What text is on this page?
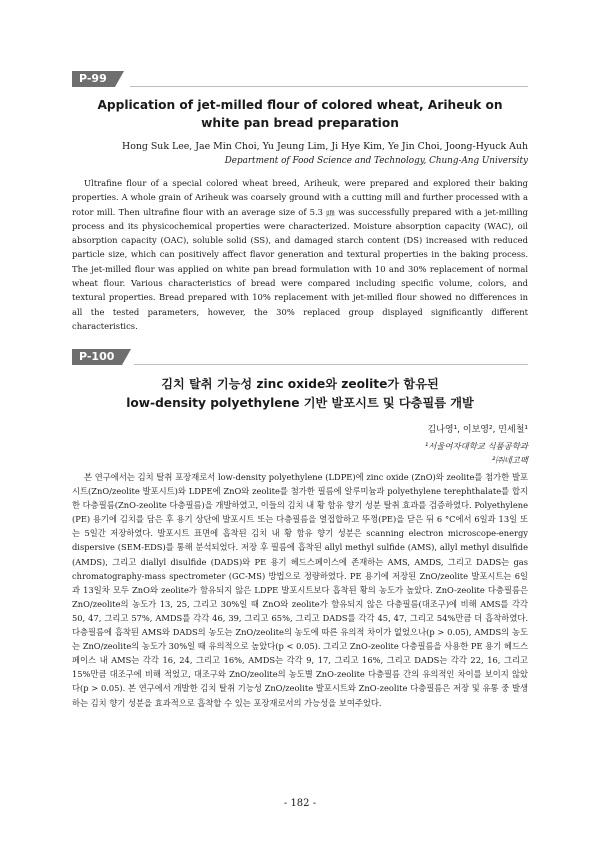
P-99
Application of jet-milled flour of colored wheat, Ariheuk on
white pan bread preparation
Hong Suk Lee, Jae Min Choi, Yu Jeung Lim, Ji Hye Kim, Ye Jin Choi, Joong-Hyuck Auh
Department of Food Science and Technology, Chung-Ang University

Ultrafine flour of a special colored wheat breed, Ariheuk, were prepared and explored their baking properties. A whole grain of Ariheuk was coarsely ground with a cutting mill and further processed with a rotor mill. Then ultrafine flour with an average size of 5.3 ㎛ was successfully prepared with a jet-milling process and its physicochemical properties were characterized. Moisture absorption capacity (WAC), oil absorption capacity (OAC), soluble solid (SS), and damaged starch content (DS) increased with reduced particle size, which can positively affect flavor generation and textural properties in the baking process. The jet-milled flour was applied on white pan bread formulation with 10 and 30% replacement of normal wheat flour. Various characteristics of bread were compared including specific volume, colors, and textural properties. Bread prepared with 10% replacement with jet-milled flour showed no differences in all the tested parameters, however, the 30% replaced group displayed significantly different characteristics.

P-100
김치 탈취 기능성 zinc oxide와 zeolite가 함유된
low-density polyethylene 기반 발포시트 및 다층필름 개발
김나영¹, 이보영², 민세철¹
¹서울여자대학교 식품공학과
²㈜네고팩

본 연구에서는 김치 탈취 포장재로서 low-density polyethylene (LDPE)에 zinc oxide (ZnO)와 zeolite를 첨가한 발포시트(ZnO/zeolite 발포시트)와 LDPE에 ZnO와 zeolite를 첨가한 필름에 알루미늄과 polyethylene terephthalate를 합지한 다층필름(ZnO-zeolite 다층필름)을 개발하였고, 이들의 김치 내 황 함유 향기 성분 탈취 효과를 검증하였다. Polyethylene (PE) 용기에 김치를 담은 후 용기 상단에 발포시트 또는 다층필름을 열접합하고 뚜껑(PE)을 닫은 뒤 6 °C에서 6일과 13일 또는 5일간 저장하였다. 발포시트 표면에 흡착된 김치 내 황 함유 향기 성분은 scanning electron microscope-energy dispersive (SEM-EDS)를 통해 분석되었다. 저장 후 필름에 흡착된 allyl methyl sulfide (AMS), allyl methyl disulfide (AMDS), 그리고 diallyl disulfide (DADS)와 PE 용기 헤드스페이스에 존재하는 AMS, AMDS, 그리고 DADS는 gas chromatography-mass spectrometer (GC-MS) 방법으로 정량하였다. PE 용기에 저장된 ZnO/zeolite 발포시트는 6일과 13일차 모두 ZnO와 zeolite가 함유되지 않은 LDPE 발포시트보다 흡착된 황의 농도가 높았다. ZnO-zeolite 다층필름은 ZnO/zeolite의 농도가 13, 25, 그리고 30%일 때 ZnO와 zeolite가 함유되지 않은 다층필름(대조구)에 비해 AMS를 각각 50, 47, 그리고 57%, AMDS를 각각 46, 39, 그리고 65%, 그리고 DADS를 각각 45, 47, 그리고 54%만큼 더 흡착하였다. 다층필름에 흡착된 AMS와 DADS의 농도는 ZnO/zeolite의 농도에 따른 유의적 차이가 없었으나(p > 0.05), AMDS의 농도는 ZnO/zeolite의 농도가 30%일 때 유의적으로 높았다(p < 0.05). 그리고 ZnO-zeolite 다층필름을 사용한 PE 용기 헤드스페이스 내 AMS는 각각 16, 24, 그리고 16%, AMDS는 각각 9, 17, 그리고 16%, 그리고 DADS는 각각 22, 16, 그리고 15%만큼 대조구에 비해 적었고, 대조구와 ZnO/zeolite의 농도별 ZnO-zeolite 다층필름 간의 유의적인 차이를 보이지 않았다(p > 0.05). 본 연구에서 개발한 김치 탈취 기능성 ZnO/zeolite 발포시트와 ZnO-zeolite 다층필름은 저장 및 유통 중 발생하는 김치 향기 성분을 효과적으로 흡착할 수 있는 포장재로서의 가능성을 보여주었다.

- 182 -
